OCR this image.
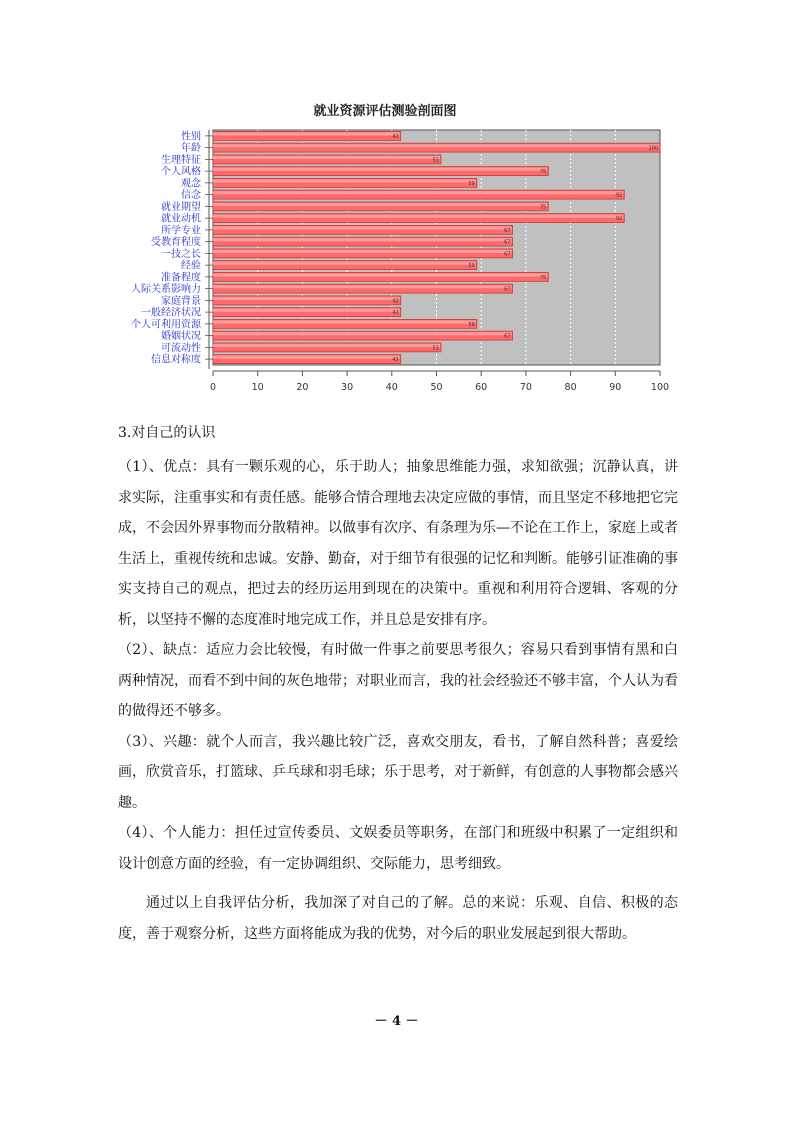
就业资源评估测验剖面图
42
性别
100
年龄
51
生理特征
75
个人风格
59
观念
92
信念
75
就业期望
92
就业动机
67
所学专业
67
受教育程度
67
一技之长
59
经验
75
准备程度
67
人际关系影响力
42
家庭背景
42
一般经济状况
59
个人可利用资源
67
婚姻状况
51
可流动性
42
信息对称度
0	10	20	30	40	50	60	70	80	90	100
3.对自己的认识

（1）、优点：具有一颗乐观的心，乐于助人；抽象思维能力强，求知欲强；沉静认真，讲求实际，注重事实和有责任感。能够合情合理地去决定应做的事情，而且坚定不移地把它完成，不会因外界事物而分散精神。以做事有次序、有条理为乐—不论在工作上，家庭上或者生活上，重视传统和忠诚。安静、勤奋，对于细节有很强的记忆和判断。能够引证准确的事实支持自己的观点，把过去的经历运用到现在的决策中。重视和利用符合逻辑、客观的分析，以坚持不懈的态度准时地完成工作，并且总是安排有序。

（2）、缺点：适应力会比较慢，有时做一件事之前要思考很久；容易只看到事情有黑和白两种情况，而看不到中间的灰色地带；对职业而言，我的社会经验还不够丰富，个人认为看的做得还不够多。

（3）、兴趣：就个人而言，我兴趣比较广泛，喜欢交朋友，看书，了解自然科普；喜爱绘画，欣赏音乐，打篮球、乒乓球和羽毛球；乐于思考，对于新鲜，有创意的人事物都会感兴趣。

（4）、个人能力：担任过宣传委员、文娱委员等职务，在部门和班级中积累了一定组织和设计创意方面的经验，有一定协调组织、交际能力，思考细致。

通过以上自我评估分析，我加深了对自己的了解。总的来说：乐观、自信、积极的态度，善于观察分析，这些方面将能成为我的优势，对今后的职业发展起到很大帮助。
－ 4 －
